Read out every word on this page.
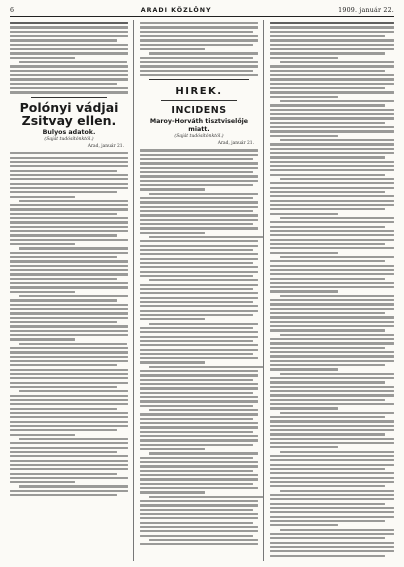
6	ARADI KÖZLÖNY	1909. január 22.
Polónyi vádjai
Zsitvay ellen.
Bulyos adatok.
(Saját tudósítónktól.)
Arad, január 21.
HIREK.
INCIDENS
Maroy-Horváth tisztviselője miatt.
(Saját tudósítónktól.)
Arad, január 21.
